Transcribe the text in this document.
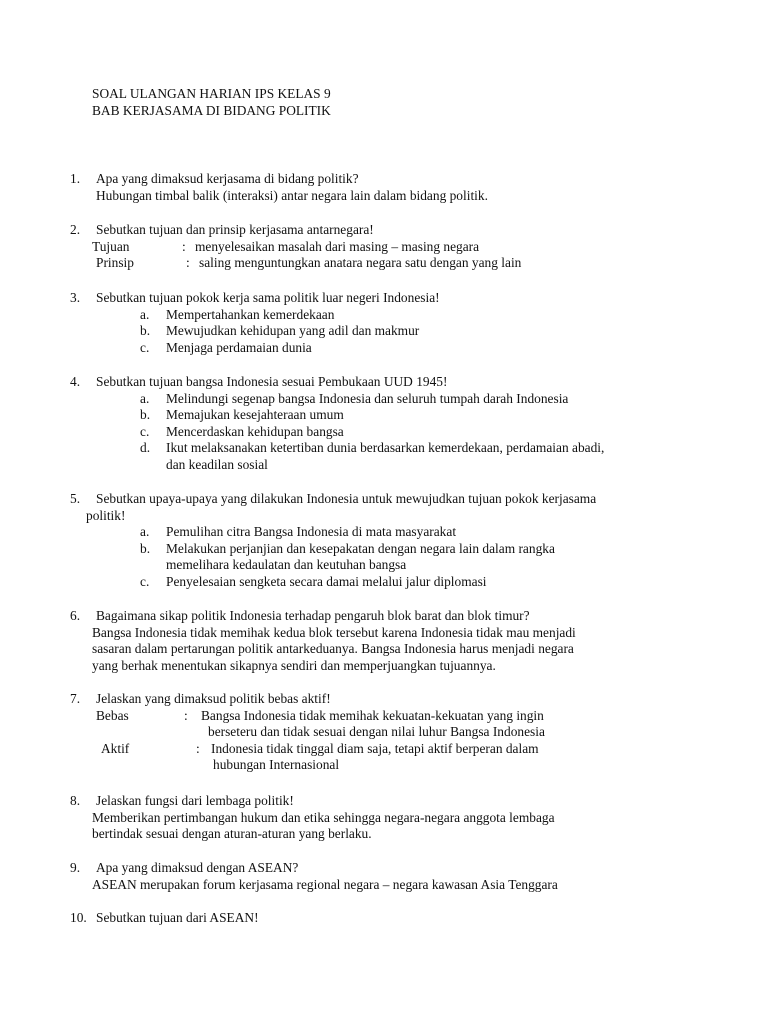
SOAL ULANGAN HARIAN IPS KELAS 9
BAB KERJASAMA DI BIDANG POLITIK
1. Apa yang dimaksud kerjasama di bidang politik?
Hubungan timbal balik (interaksi) antar negara lain dalam bidang politik.
2. Sebutkan tujuan dan prinsip kerjasama antarnegara!
Tujuan	: menyelesaikan masalah dari masing – masing negara
Prinsip	: saling menguntungkan anatara negara satu dengan yang lain
3. Sebutkan tujuan pokok kerja sama politik luar negeri Indonesia!
a. Mempertahankan kemerdekaan
b. Mewujudkan kehidupan yang adil dan makmur
c. Menjaga perdamaian dunia
4. Sebutkan tujuan bangsa Indonesia sesuai Pembukaan UUD 1945!
a. Melindungi segenap bangsa Indonesia dan seluruh tumpah darah Indonesia
b. Memajukan kesejahteraan umum
c. Mencerdaskan kehidupan bangsa
d. Ikut melaksanakan ketertiban dunia berdasarkan kemerdekaan, perdamaian abadi,
dan keadilan sosial
5. Sebutkan upaya-upaya yang dilakukan Indonesia untuk mewujudkan tujuan pokok kerjasama
politik!
a. Pemulihan citra Bangsa Indonesia di mata masyarakat
b. Melakukan perjanjian dan kesepakatan dengan negara lain dalam rangka
memelihara kedaulatan dan keutuhan bangsa
c. Penyelesaian sengketa secara damai melalui jalur diplomasi
6. Bagaimana sikap politik Indonesia terhadap pengaruh blok barat dan blok timur?
Bangsa Indonesia tidak memihak kedua blok tersebut karena Indonesia tidak mau menjadi
sasaran dalam pertarungan politik antarkeduanya. Bangsa Indonesia harus menjadi negara
yang berhak menentukan sikapnya sendiri dan memperjuangkan tujuannya.
7. Jelaskan yang dimaksud politik bebas aktif!
Bebas	: Bangsa Indonesia tidak memihak kekuatan-kekuatan yang ingin
berseteru dan tidak sesuai dengan nilai luhur Bangsa Indonesia
Aktif	: Indonesia tidak tinggal diam saja, tetapi aktif berperan dalam
hubungan Internasional
8. Jelaskan fungsi dari lembaga politik!
Memberikan pertimbangan hukum dan etika sehingga negara-negara anggota lembaga
bertindak sesuai dengan aturan-aturan yang berlaku.
9. Apa yang dimaksud dengan ASEAN?
ASEAN merupakan forum kerjasama regional negara – negara kawasan Asia Tenggara
10. Sebutkan tujuan dari ASEAN!
